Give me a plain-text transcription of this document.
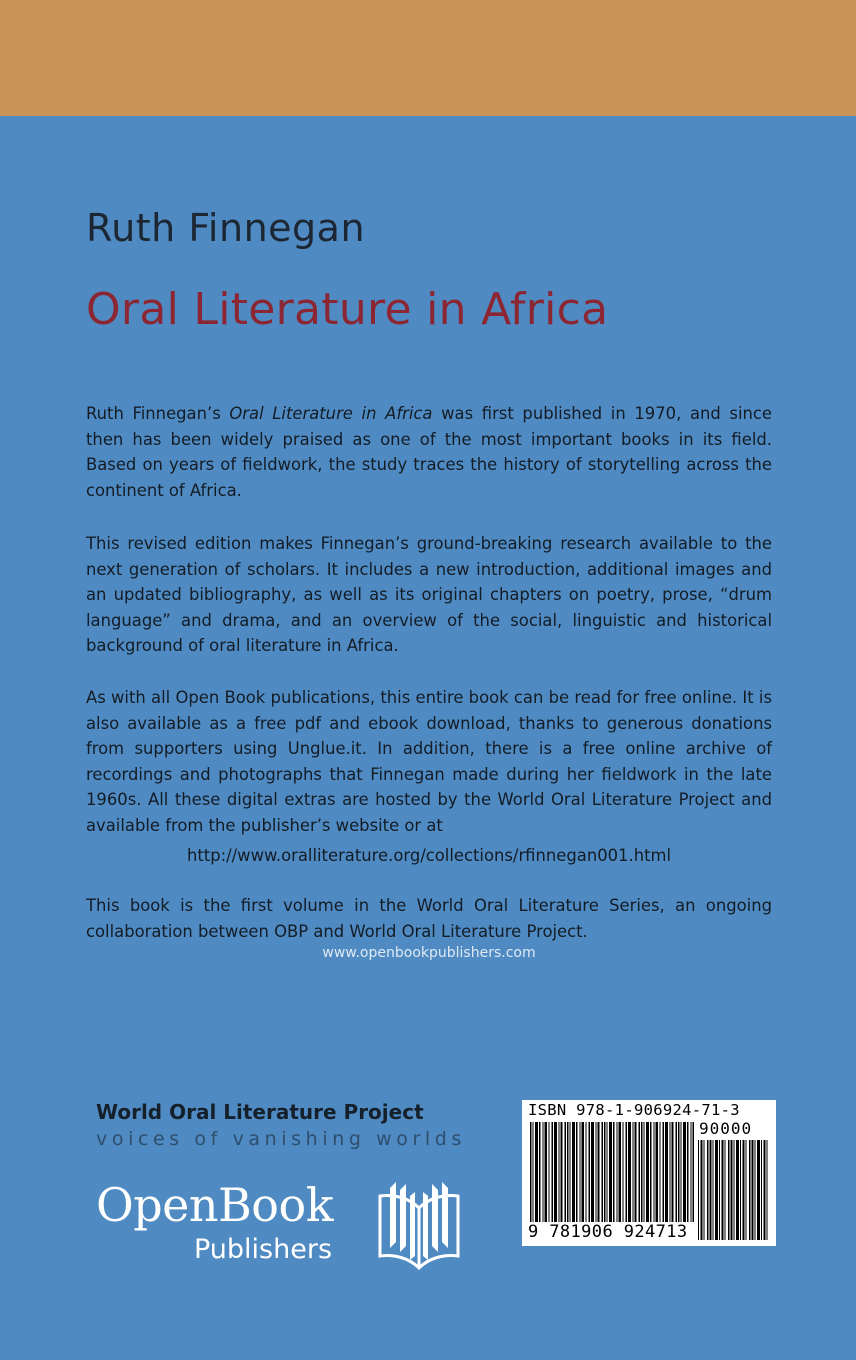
Ruth Finnegan
Oral Literature in Africa

Ruth Finnegan’s Oral Literature in Africa was first published in 1970, and since then has been widely praised as one of the most important books in its field. Based on years of fieldwork, the study traces the history of storytelling across the continent of Africa.

This revised edition makes Finnegan’s ground-breaking research available to the next generation of scholars. It includes a new introduction, additional images and an updated bibliography, as well as its original chapters on poetry, prose, “drum language” and drama, and an overview of the social, linguistic and historical background of oral literature in Africa.

As with all Open Book publications, this entire book can be read for free online. It is also available as a free pdf and ebook download, thanks to generous donations from supporters using Unglue.it. In addition, there is a free online archive of recordings and photographs that Finnegan made during her fieldwork in the late 1960s. All these digital extras are hosted by the World Oral Literature Project and available from the publisher’s website or at

http://www.oralliterature.org/collections/rfinnegan001.html

This book is the first volume in the World Oral Literature Series, an ongoing collaboration between OBP and World Oral Literature Project.

www.openbookpublishers.com
World Oral Literature Project
voices of vanishing worlds
OpenBook
Publishers
ISBN 978-1-906924-71-3
90000
9 781906 924713
